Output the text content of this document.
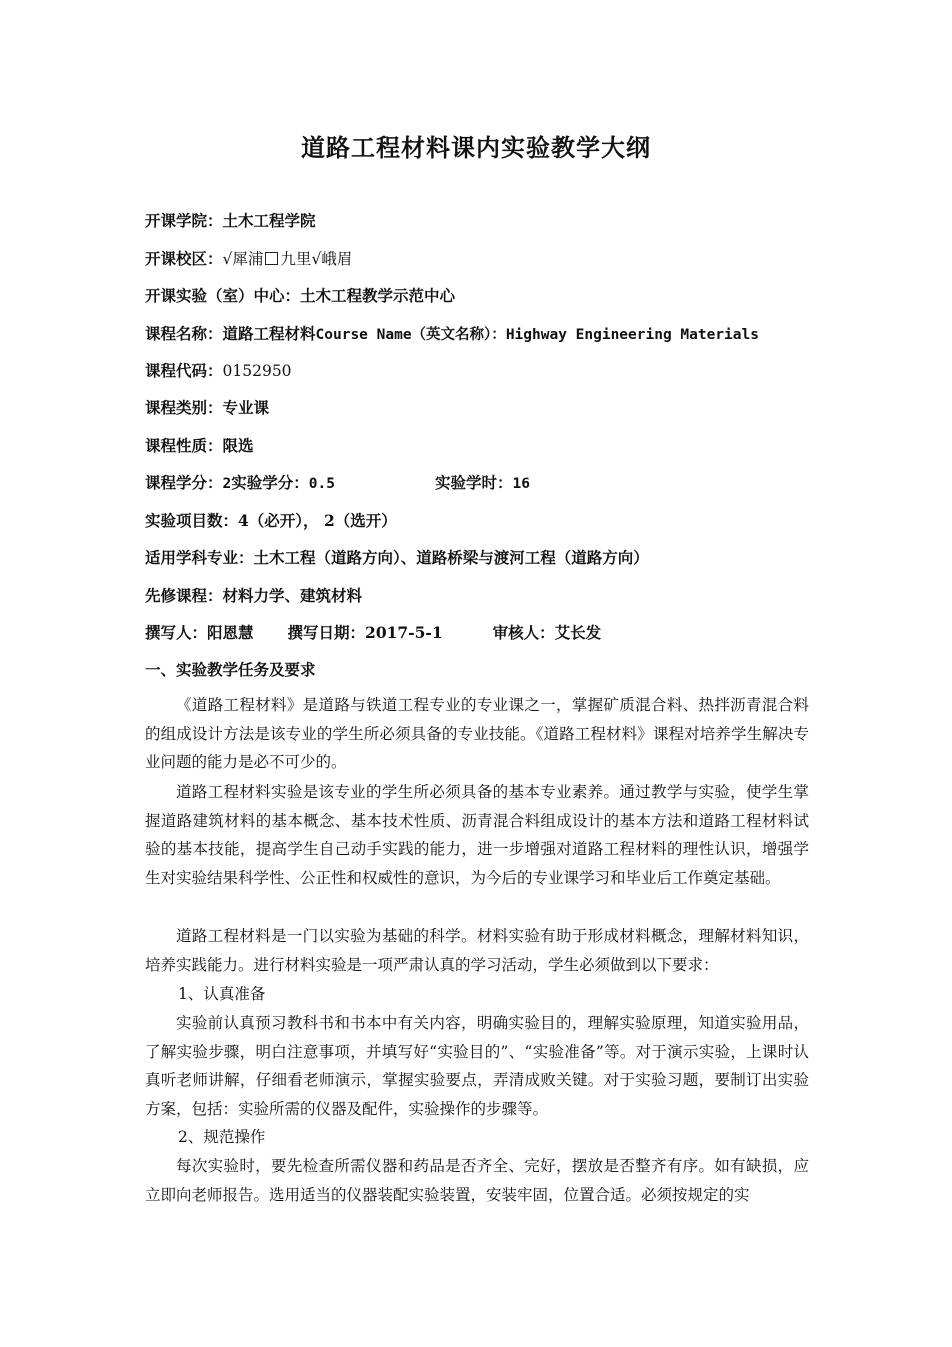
道路工程材料课内实验教学大纲
开课学院：土木工程学院
开课校区：√犀浦 九里√峨眉
开课实验（室）中心：土木工程教学示范中心
课程名称：道路工程材料Course Name（英文名称）：Highway Engineering Materials
课程代码：0152950
课程类别：专业课
课程性质：限选
课程学分：2实验学分：0.5	实验学时：16
实验项目数：4（必开）， 2（选开）
适用学科专业：土木工程（道路方向）、道路桥梁与渡河工程（道路方向）
先修课程：材料力学、建筑材料
撰写人：阳恩慧 撰写日期：2017-5-1	审核人：艾长发
一、实验教学任务及要求

《道路工程材料》是道路与铁道工程专业的专业课之一，掌握矿质混合料、热拌沥青混合料的组成设计方法是该专业的学生所必须具备的专业技能。《道路工程材料》课程对培养学生解决专业问题的能力是必不可少的。

道路工程材料实验是该专业的学生所必须具备的基本专业素养。通过教学与实验，使学生掌握道路建筑材料的基本概念、基本技术性质、沥青混合料组成设计的基本方法和道路工程材料试验的基本技能，提高学生自己动手实践的能力，进一步增强对道路工程材料的理性认识，增强学生对实验结果科学性、公正性和权威性的意识，为今后的专业课学习和毕业后工作奠定基础。

道路工程材料是一门以实验为基础的科学。材料实验有助于形成材料概念，理解材料知识，培养实践能力。进行材料实验是一项严肃认真的学习活动，学生必须做到以下要求：

1、认真准备

实验前认真预习教科书和书本中有关内容，明确实验目的，理解实验原理，知道实验用品，了解实验步骤，明白注意事项，并填写好“实验目的”、“实验准备”等。对于演示实验，上课时认真听老师讲解，仔细看老师演示，掌握实验要点，弄清成败关键。对于实验习题，要制订出实验方案，包括：实验所需的仪器及配件，实验操作的步骤等。

2、规范操作

每次实验时，要先检查所需仪器和药品是否齐全、完好，摆放是否整齐有序。如有缺损，应立即向老师报告。选用适当的仪器装配实验装置，安装牢固，位置合适。必须按规定的实
